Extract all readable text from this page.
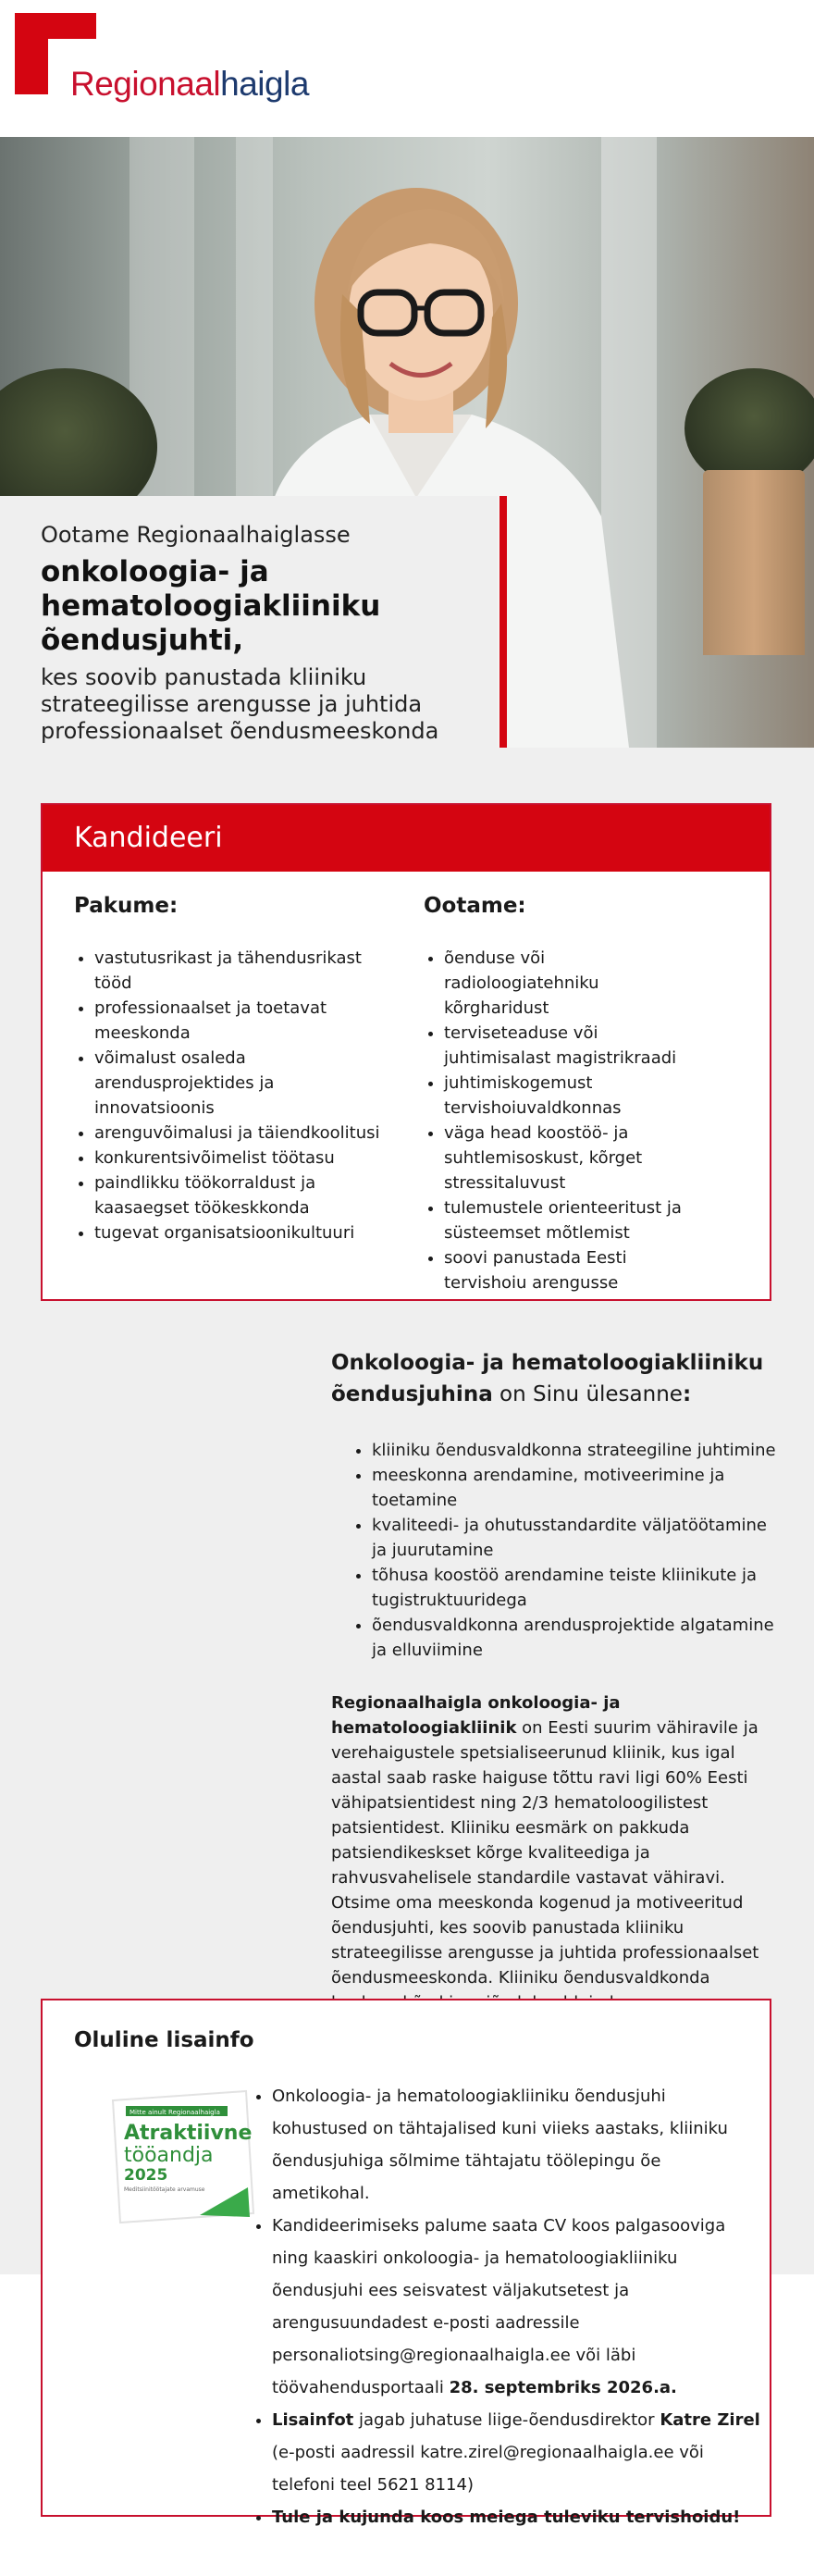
Regionaalhaigla
Ootame Regionaalhaiglasse
onkoloogia- ja hematoloogiakliiniku õendusjuhti,
kes soovib panustada kliiniku strateegilisse arengusse ja juhtida professionaalset õendusmeeskonda
Kandideeri
Pakume:
• vastutusrikast ja tähendusrikast tööd
• professionaalset ja toetavat meeskonda
• võimalust osaleda arendusprojektides ja innovatsioonis
• arenguvõimalusi ja täiendkoolitusi
• konkurentsivõimelist töötasu
• paindlikku töökorraldust ja kaasaegset töökeskkonda
• tugevat organisatsioonikultuuri
Ootame:
• õenduse või radioloogiatehniku kõrgharidust
• terviseteaduse või juhtimisalast magistrikraadi
• juhtimiskogemust tervishoiuvaldkonnas
• väga head koostöö- ja suhtlemisoskust, kõrget stressitaluvust
• tulemustele orienteeritust ja süsteemset mõtlemist
• soovi panustada Eesti tervishoiu arengusse

Onkoloogia- ja hematoloogiakliiniku õendusjuhina on Sinu ülesanne:

• kliiniku õendusvaldkonna strateegiline juhtimine
• meeskonna arendamine, motiveerimine ja toetamine
• kvaliteedi- ja ohutusstandardite väljatöötamine ja juurutamine
• tõhusa koostöö arendamine teiste kliinikute ja tugistruktuuridega
• õendusvaldkonna arendusprojektide algatamine ja elluviimine

Regionaalhaigla onkoloogia- ja hematoloogiakliinik on Eesti suurim vähiravile ja verehaigustele spetsialiseerunud kliinik, kus igal aastal saab raske haiguse tõttu ravi ligi 60% Eesti vähipatsientidest ning 2/3 hematoloogilistest patsientidest. Kliiniku eesmärk on pakkuda patsiendikeskset kõrge kvaliteediga ja rahvusvahelisele standardile vastavat vähiravi.

Otsime oma meeskonda kogenud ja motiveeritud õendusjuhti, kes soovib panustada kliiniku strateegilisse arengusse ja juhtida professionaalset õendusmeeskonda. Kliiniku õendusvaldkonda

Oluline lisainfo
Mitte ainult Regionaalhaigla
Atraktiivne
tööandja
2025
Meditsiinitöötajate arvamuse
• Onkoloogia- ja hematoloogiakliiniku õendusjuhi kohustused on tähtajalised kuni viieks aastaks, kliiniku õendusjuhiga sõlmime tähtajatu töölepingu õe ametikohal.
• Kandideerimiseks palume saata CV koos palgasooviga ning kaaskiri onkoloogia- ja hematoloogiakliiniku õendusjuhi ees seisvatest väljakutsetest ja arengusuundadest e-posti aadressile personaliotsing@regionaalhaigla.ee või läbi töövahendusportaali 28. septembriks 2026.a.
• Lisainfot jagab juhatuse liige-õendusdirektor Katre Zirel (e-posti aadressil katre.zirel@regionaalhaigla.ee või telefoni teel 5621 8114)
• Tule ja kujunda koos meiega tuleviku tervishoidu!
